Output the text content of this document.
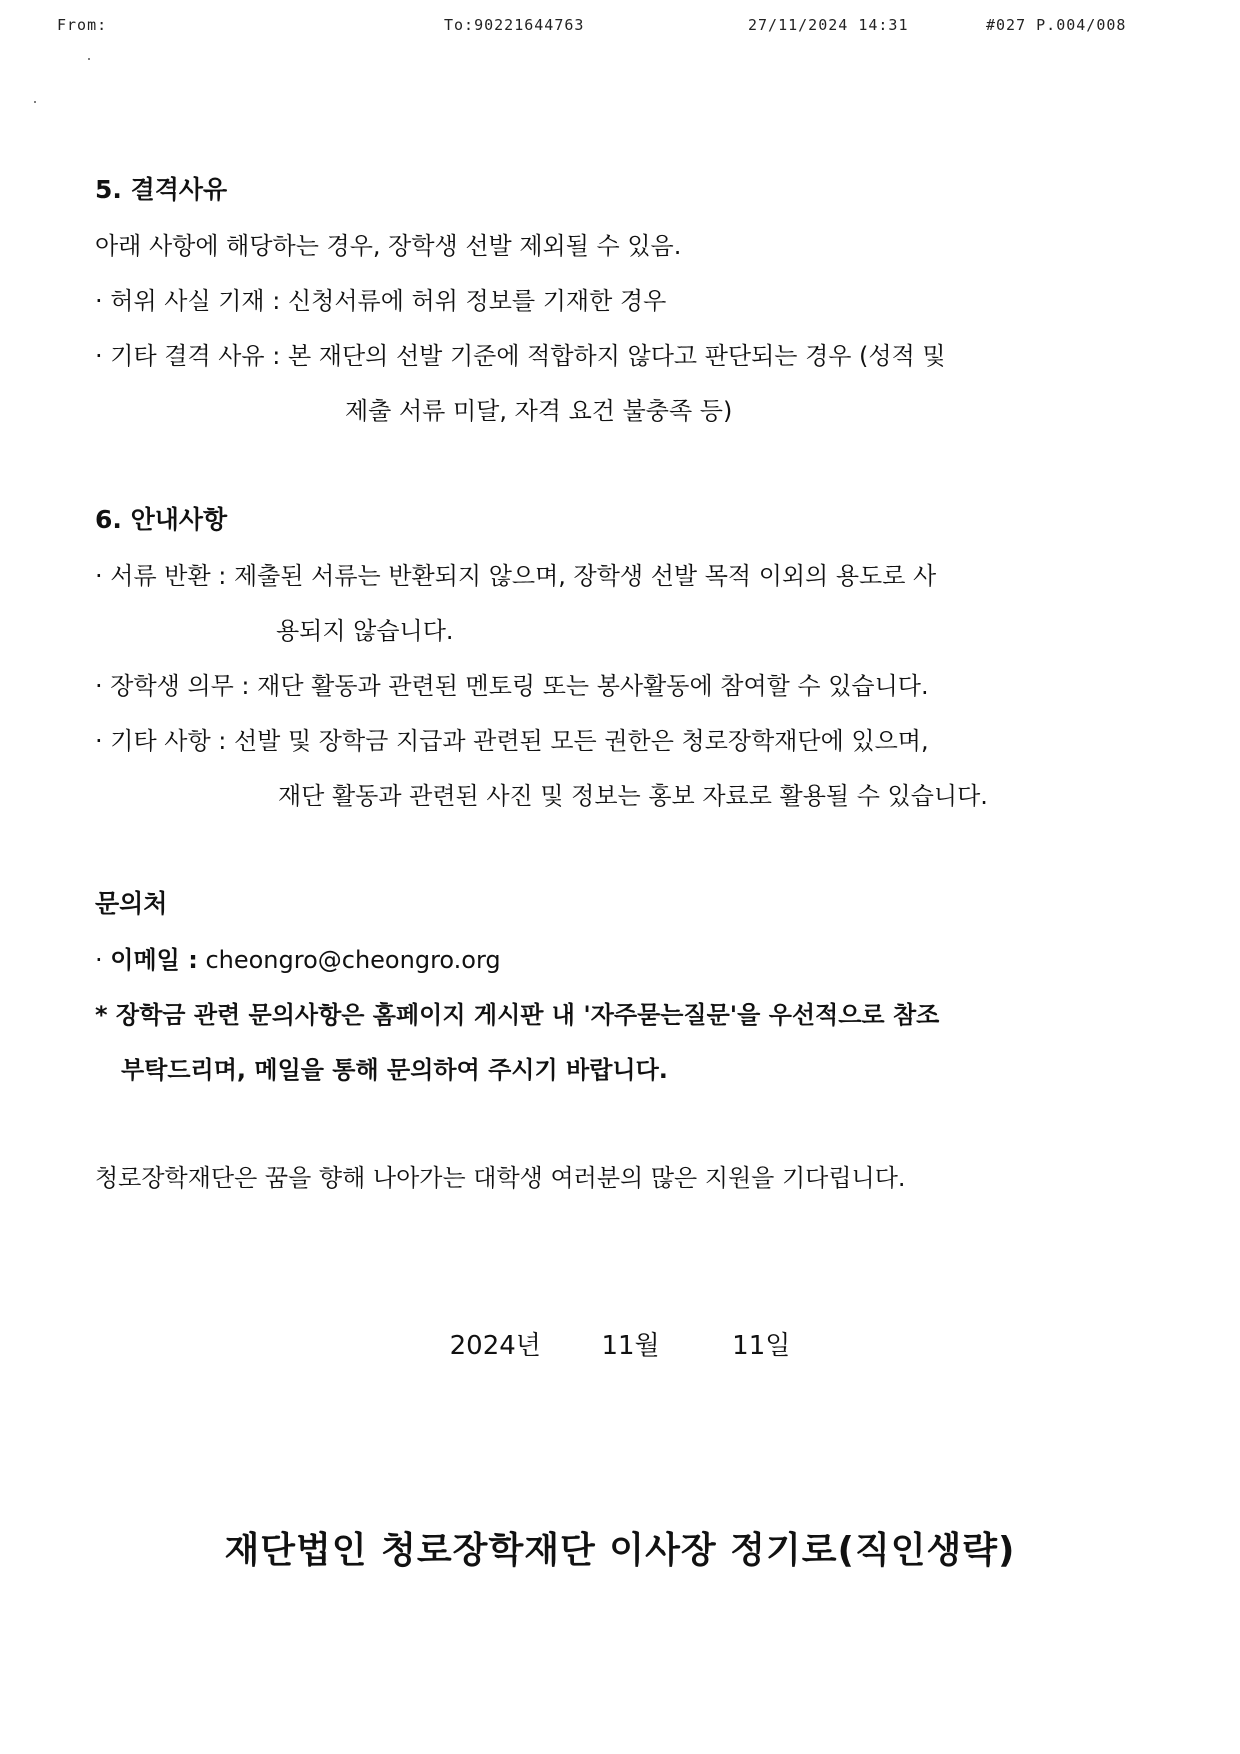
From:	To:90221644763	27/11/2024 14:31	#027 P.004/008
5. 결격사유
아래 사항에 해당하는 경우, 장학생 선발 제외될 수 있음.
· 허위 사실 기재 : 신청서류에 허위 정보를 기재한 경우
· 기타 결격 사유 : 본 재단의 선발 기준에 적합하지 않다고 판단되는 경우 (성적 및
제출 서류 미달, 자격 요건 불충족 등)
6. 안내사항
· 서류 반환 : 제출된 서류는 반환되지 않으며, 장학생 선발 목적 이외의 용도로 사
용되지 않습니다.
· 장학생 의무 : 재단 활동과 관련된 멘토링 또는 봉사활동에 참여할 수 있습니다.
· 기타 사항 : 선발 및 장학금 지급과 관련된 모든 권한은 청로장학재단에 있으며,
재단 활동과 관련된 사진 및 정보는 홍보 자료로 활용될 수 있습니다.
문의처
· 이메일 : cheongro@cheongro.org
* 장학금 관련 문의사항은 홈페이지 게시판 내 '자주묻는질문'을 우선적으로 참조
부탁드리며, 메일을 통해 문의하여 주시기 바랍니다.
청로장학재단은 꿈을 향해 나아가는 대학생 여러분의 많은 지원을 기다립니다.
2024년 11월	11일
재단법인 청로장학재단 이사장 정기로(직인생략)
